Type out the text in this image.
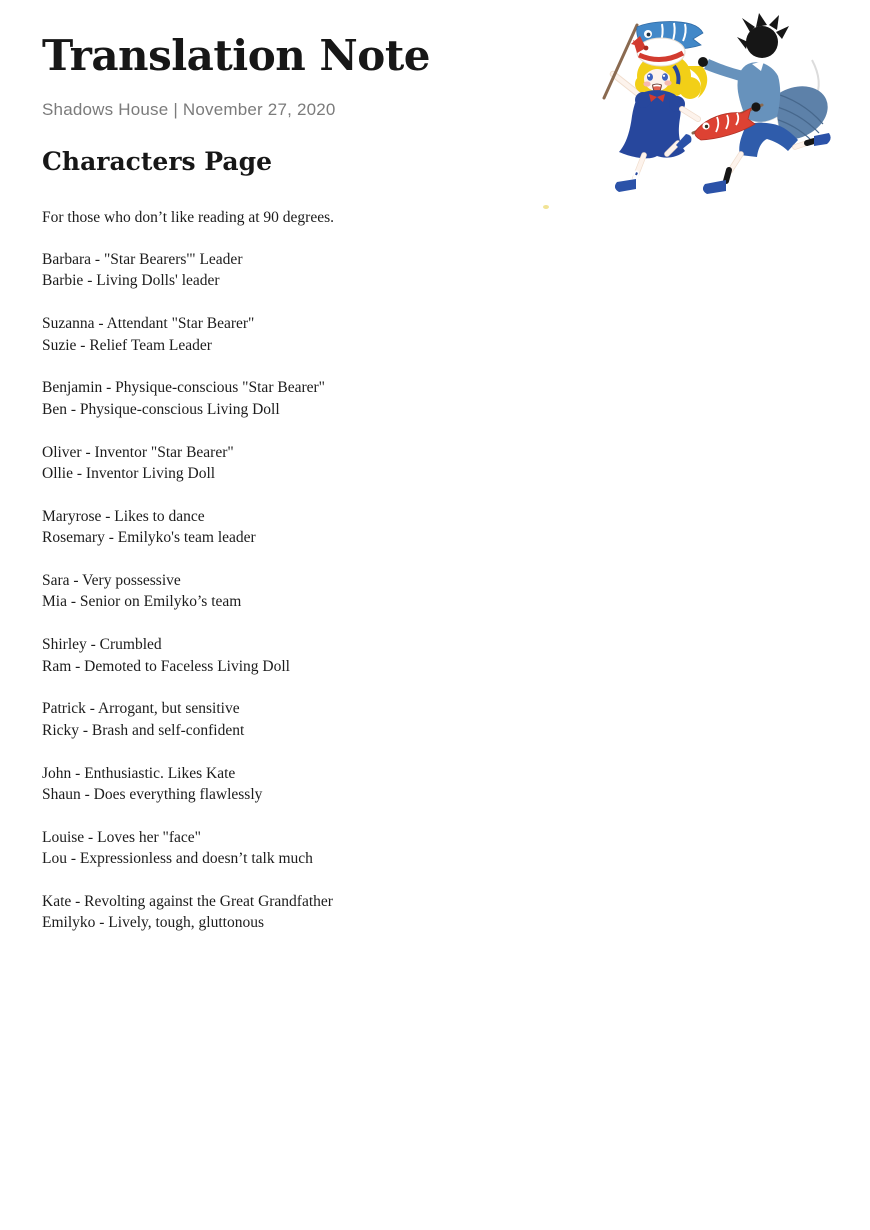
Translation Note
Shadows House | November 27, 2020
Characters Page

For those who don’t like reading at 90 degrees.

Barbara - "Star Bearers'" Leader

Barbie - Living Dolls' leader

Suzanna - Attendant "Star Bearer"

Suzie - Relief Team Leader

Benjamin - Physique-conscious "Star Bearer"

Ben - Physique-conscious Living Doll

Oliver - Inventor "Star Bearer"

Ollie - Inventor Living Doll

Maryrose - Likes to dance

Rosemary - Emilyko's team leader

Sara - Very possessive

Mia - Senior on Emilyko’s team

Shirley - Crumbled

Ram - Demoted to Faceless Living Doll

Patrick - Arrogant, but sensitive

Ricky - Brash and self-confident

John - Enthusiastic. Likes Kate

Shaun - Does everything flawlessly

Louise - Loves her "face"

Lou - Expressionless and doesn’t talk much

Kate - Revolting against the Great Grandfather

Emilyko - Lively, tough, gluttonous
